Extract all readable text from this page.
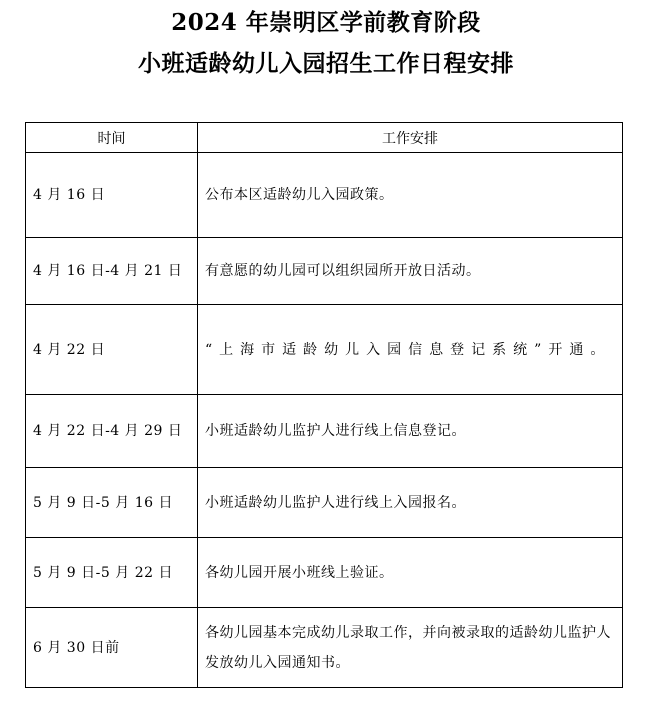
2024 年崇明区学前教育阶段
小班适龄幼儿入园招生工作日程安排
时间	工作安排
4 月 16 日	公布本区适龄幼儿入园政策。
4 月 16 日-4 月 21 日	有意愿的幼儿园可以组织园所开放日活动。
4 月 22 日	“上海市适龄幼儿入园信息登记系统”开通。
4 月 22 日-4 月 29 日	小班适龄幼儿监护人进行线上信息登记。
5 月 9 日-5 月 16 日	小班适龄幼儿监护人进行线上入园报名。
5 月 9 日-5 月 22 日	各幼儿园开展小班线上验证。
6 月 30 日前	各幼儿园基本完成幼儿录取工作，并向被录取的适龄幼儿监护人发放幼儿入园通知书。
